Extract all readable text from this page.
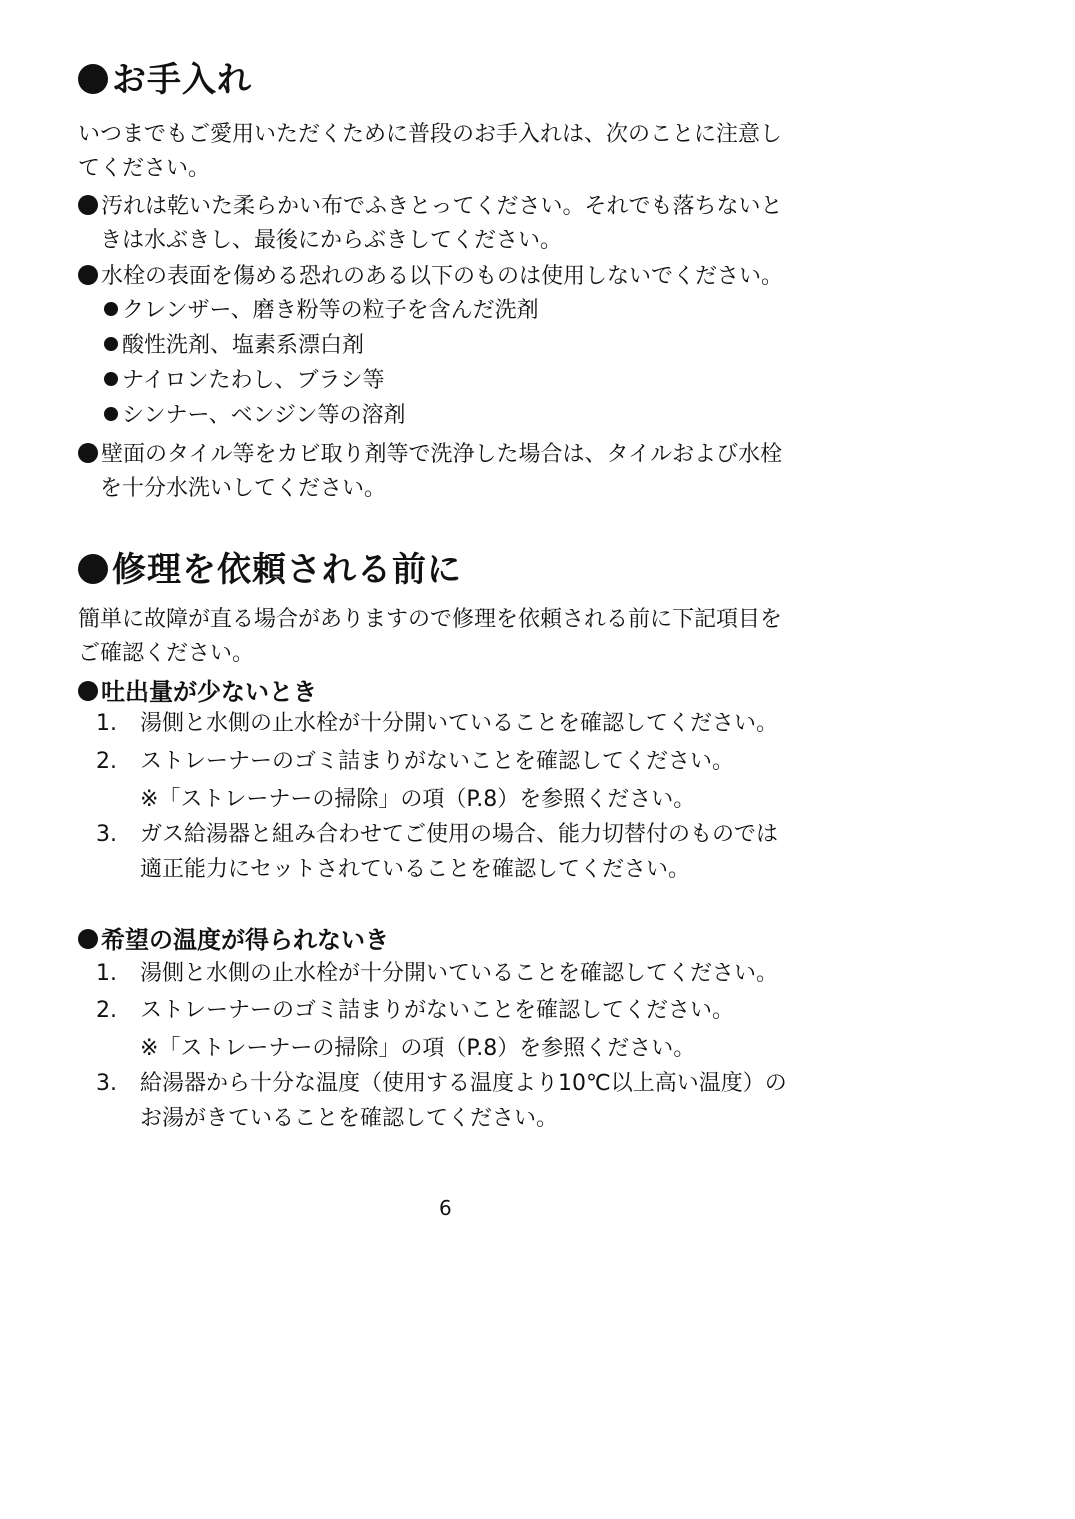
お手入れ
いつまでもご愛用いただくために普段のお手入れは、次のことに注意し
てください。
汚れは乾いた柔らかい布でふきとってください。それでも落ちないと
きは水ぶきし、最後にからぶきしてください。
水栓の表面を傷める恐れのある以下のものは使用しないでください。
クレンザー、磨き粉等の粒子を含んだ洗剤
酸性洗剤、塩素系漂白剤
ナイロンたわし、ブラシ等
シンナー、ベンジン等の溶剤
壁面のタイル等をカビ取り剤等で洗浄した場合は、タイルおよび水栓
を十分水洗いしてください。
修理を依頼される前に
簡単に故障が直る場合がありますので修理を依頼される前に下記項目を
ご確認ください。
吐出量が少ないとき
1. 湯側と水側の止水栓が十分開いていることを確認してください。
2. ストレーナーのゴミ詰まりがないことを確認してください。
※「ストレーナーの掃除」の項（P.8）を参照ください。
3. ガス給湯器と組み合わせてご使用の場合、能力切替付のものでは
適正能力にセットされていることを確認してください。
希望の温度が得られないき
1. 湯側と水側の止水栓が十分開いていることを確認してください。
2. ストレーナーのゴミ詰まりがないことを確認してください。
※「ストレーナーの掃除」の項（P.8）を参照ください。
3. 給湯器から十分な温度（使用する温度より10℃以上高い温度）の
お湯がきていることを確認してください。
6
